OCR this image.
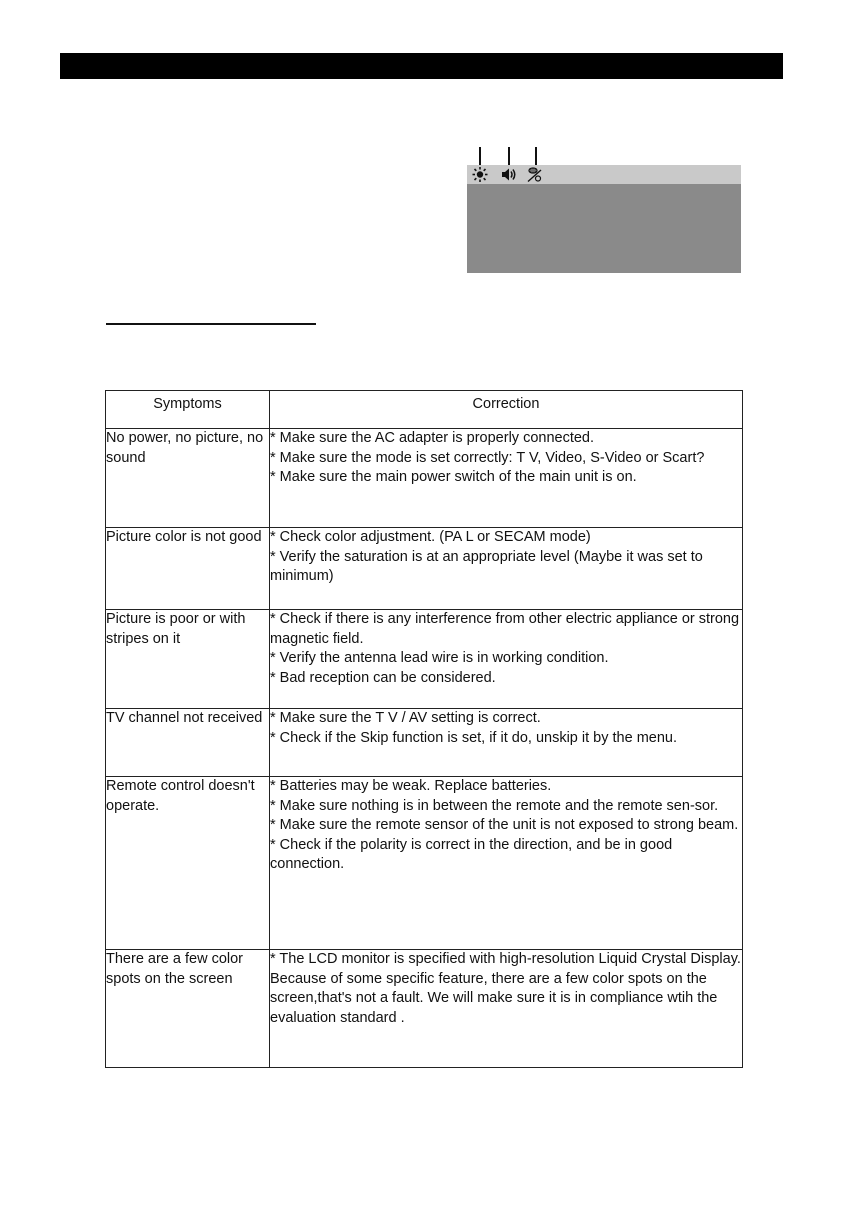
Symptoms	Correction
No power, no picture, no sound	* Make sure the AC adapter is properly connected.
* Make sure the mode is set correctly: T V, Video, S-Video or Scart?
* Make sure the main power switch of the main unit is on.

Picture color is not good	* Check color adjustment. (PA L or SECAM mode)
* Verify the saturation is at an appropriate level (Maybe it was set to minimum)

Picture is poor or with stripes on it	* Check if there is any interference from other electric appliance or strong magnetic field.
* Verify the antenna lead wire is in working condition.
* Bad reception can be considered.

TV channel not received	* Make sure the T V / AV setting is correct.
* Check if the Skip function is set, if it do, unskip it by the menu.

Remote control doesn't operate.	* Batteries may be weak. Replace batteries.
* Make sure nothing is in between the remote and the remote sen-sor.
* Make sure the remote sensor of the unit is not exposed to strong beam.
* Check if the polarity is correct in the direction, and be in good connection.

There are a few color spots on the screen	* The LCD monitor is specified with high-resolution Liquid Crystal Display.
Because of some specific feature, there are a few color spots on the screen,that's not a fault. We will make sure it is in compliance wtih the evaluation standard .
